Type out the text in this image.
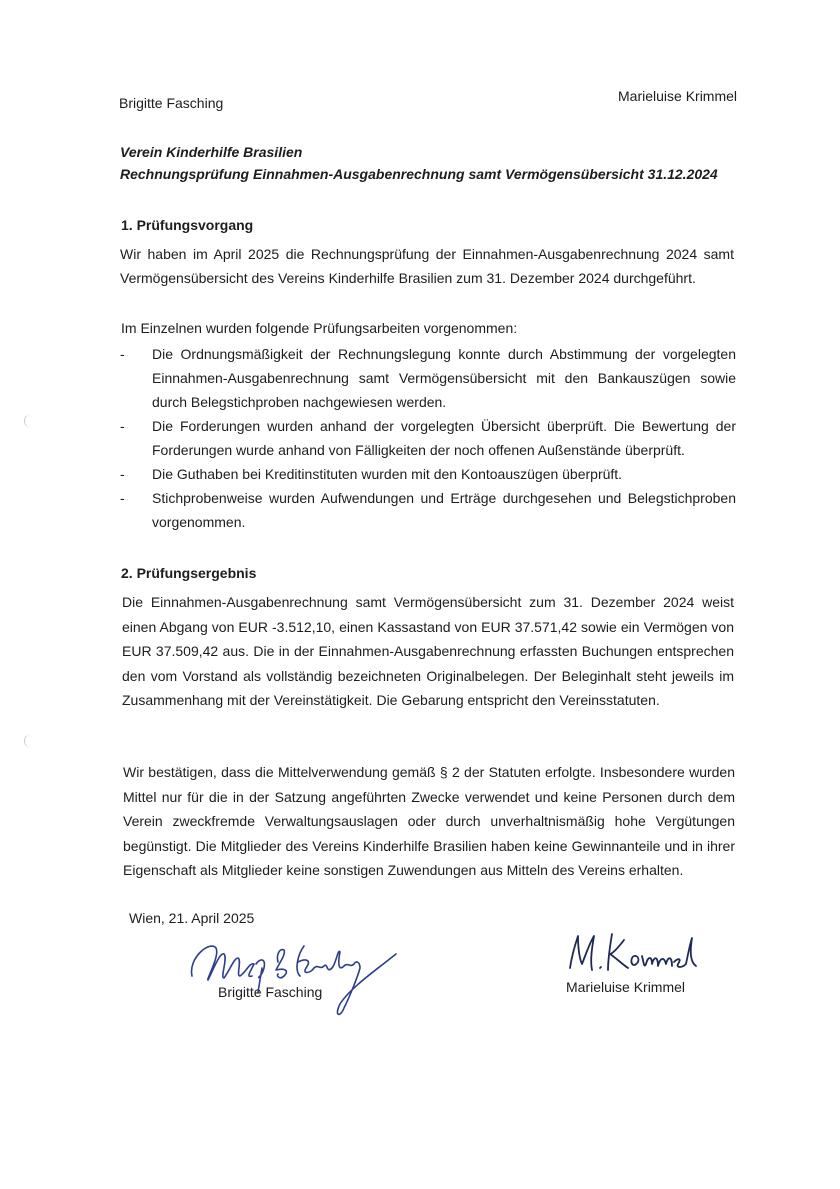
Brigitte Fasching	Marieluise Krimmel
Verein Kinderhilfe Brasilien
Rechnungsprüfung Einnahmen-Ausgabenrechnung samt Vermögensübersicht 31.12.2024
1. Prüfungsvorgang
Wir haben im April 2025 die Rechnungsprüfung der Einnahmen-Ausgabenrechnung 2024 samt Vermögensübersicht des Vereins Kinderhilfe Brasilien zum 31. Dezember 2024 durchgeführt.
Im Einzelnen wurden folgende Prüfungsarbeiten vorgenommen:
- Die Ordnungsmäßigkeit der Rechnungslegung konnte durch Abstimmung der vorgelegten Einnahmen-Ausgabenrechnung samt Vermögensübersicht mit den Bankauszügen sowie durch Belegstichproben nachgewiesen werden.
- Die Forderungen wurden anhand der vorgelegten Übersicht überprüft. Die Bewertung der Forderungen wurde anhand von Fälligkeiten der noch offenen Außenstände überprüft.
- Die Guthaben bei Kreditinstituten wurden mit den Kontoauszügen überprüft.
- Stichprobenweise wurden Aufwendungen und Erträge durchgesehen und Belegstichproben vorgenommen.
2. Prüfungsergebnis
Die Einnahmen-Ausgabenrechnung samt Vermögensübersicht zum 31. Dezember 2024 weist einen Abgang von EUR -3.512,10, einen Kassastand von EUR 37.571,42 sowie ein Vermögen von EUR 37.509,42 aus. Die in der Einnahmen-Ausgabenrechnung erfassten Buchungen entsprechen den vom Vorstand als vollständig bezeichneten Originalbelegen. Der Beleginhalt steht jeweils im Zusammenhang mit der Vereinstätigkeit. Die Gebarung entspricht den Vereinsstatuten.
Wir bestätigen, dass die Mittelverwendung gemäß § 2 der Statuten erfolgte. Insbesondere wurden Mittel nur für die in der Satzung angeführten Zwecke verwendet und keine Personen durch dem Verein zweckfremde Verwaltungsauslagen oder durch unverhaltnismäßig hohe Vergütungen begünstigt. Die Mitglieder des Vereins Kinderhilfe Brasilien haben keine Gewinnanteile und in ihrer Eigenschaft als Mitglieder keine sonstigen Zuwendungen aus Mitteln des Vereins erhalten.
Wien, 21. April 2025
Brigitte Fasching	Marieluise Krimmel
